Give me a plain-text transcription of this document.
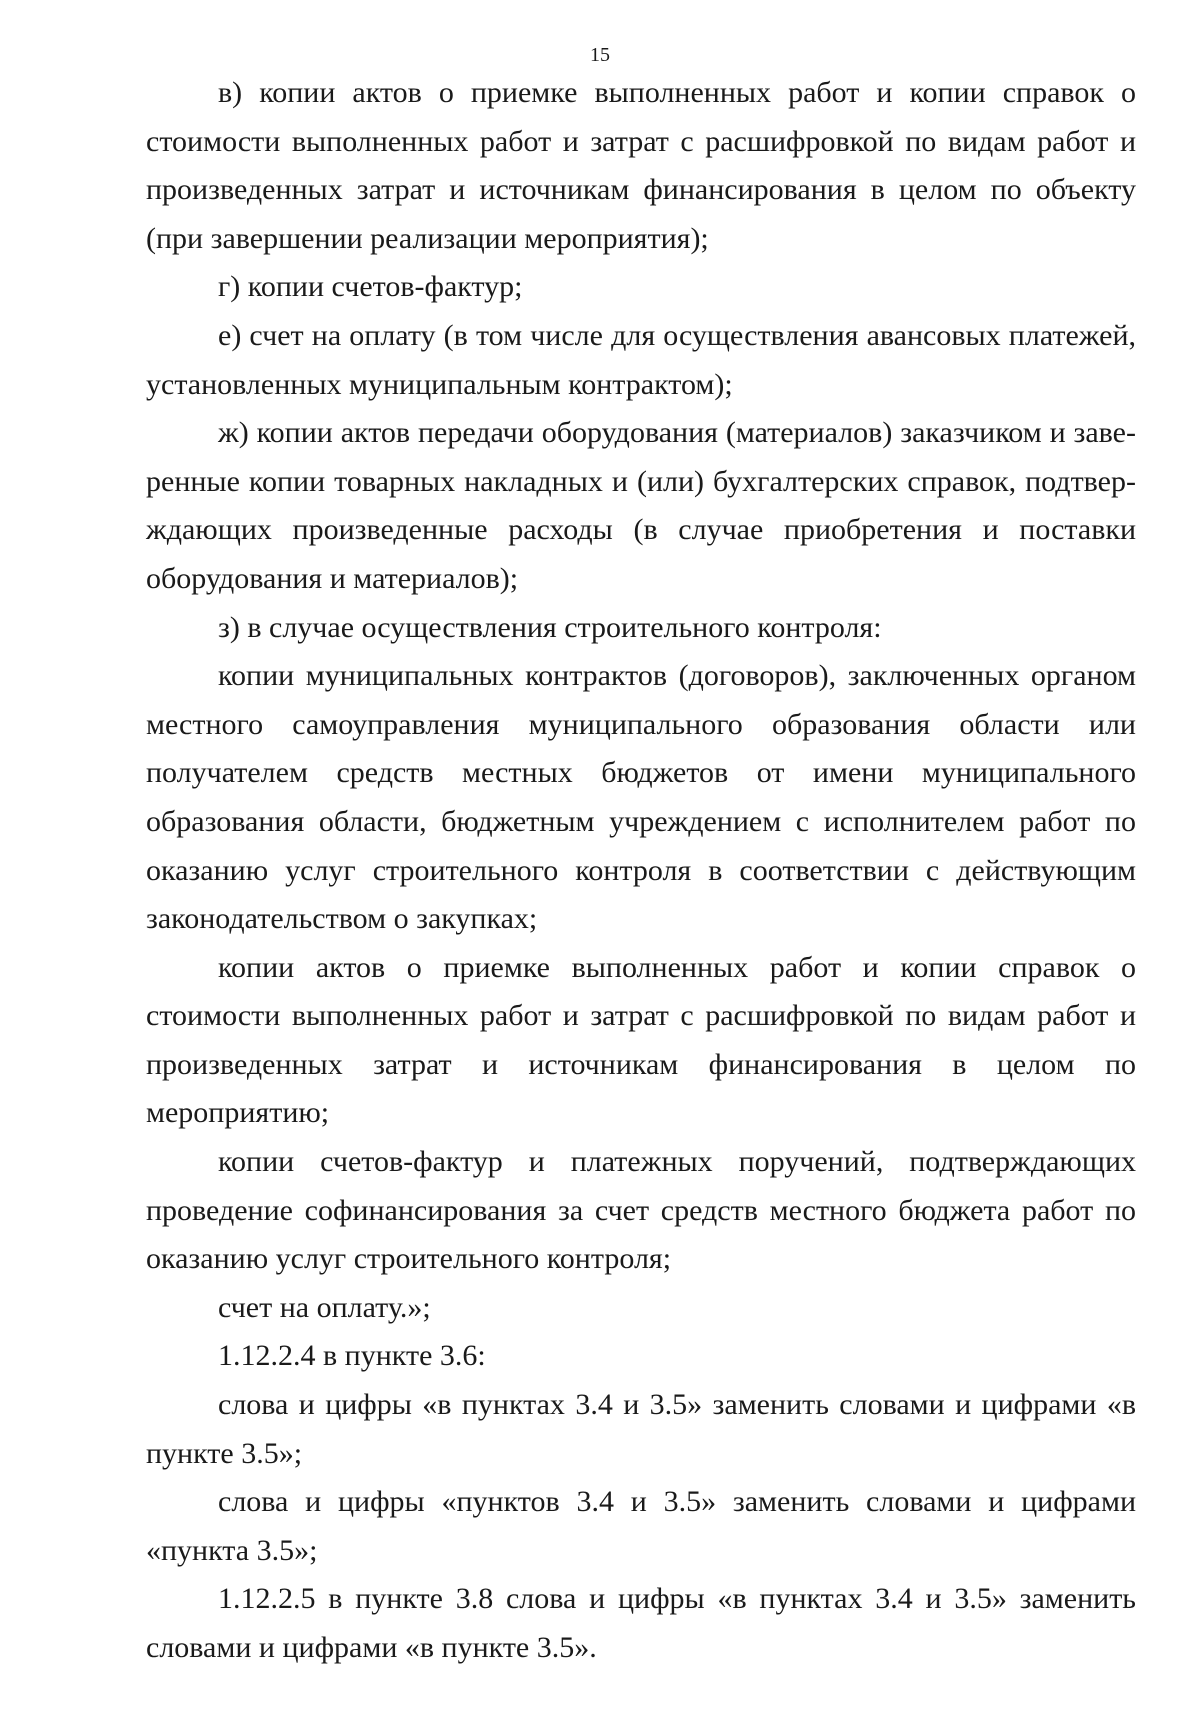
15

в) копии актов о приемке выполненных работ и копии справок о стоимости выполненных работ и затрат с расшифровкой по видам работ и произведенных затрат и источникам финансирования в целом по объекту (при завершении реализации мероприятия);

г) копии счетов-фактур;

е) счет на оплату (в том числе для осуществления авансовых платежей, установленных муниципальным контрактом);

ж) копии актов передачи оборудования (материалов) заказчиком и заверенные копии товарных накладных и (или) бухгалтерских справок, подтверждающих произведенные расходы (в случае приобретения и поставки оборудования и материалов);

з) в случае осуществления строительного контроля:

копии муниципальных контрактов (договоров), заключенных органом местного самоуправления муниципального образования области или получателем средств местных бюджетов от имени муниципального образования области, бюджетным учреждением с исполнителем работ по оказанию услуг строительного контроля в соответствии с действующим законодательством о закупках;

копии актов о приемке выполненных работ и копии справок о стоимости выполненных работ и затрат с расшифровкой по видам работ и произведенных затрат и источникам финансирования в целом по мероприятию;

копии счетов-фактур и платежных поручений, подтверждающих проведение софинансирования за счет средств местного бюджета работ по оказанию услуг строительного контроля;

счет на оплату.»;

1.12.2.4 в пункте 3.6:

слова и цифры «в пунктах 3.4 и 3.5» заменить словами и цифрами «в пункте 3.5»;

слова и цифры «пунктов 3.4 и 3.5» заменить словами и цифрами «пункта 3.5»;

1.12.2.5 в пункте 3.8 слова и цифры «в пунктах 3.4 и 3.5» заменить словами и цифрами «в пункте 3.5».
